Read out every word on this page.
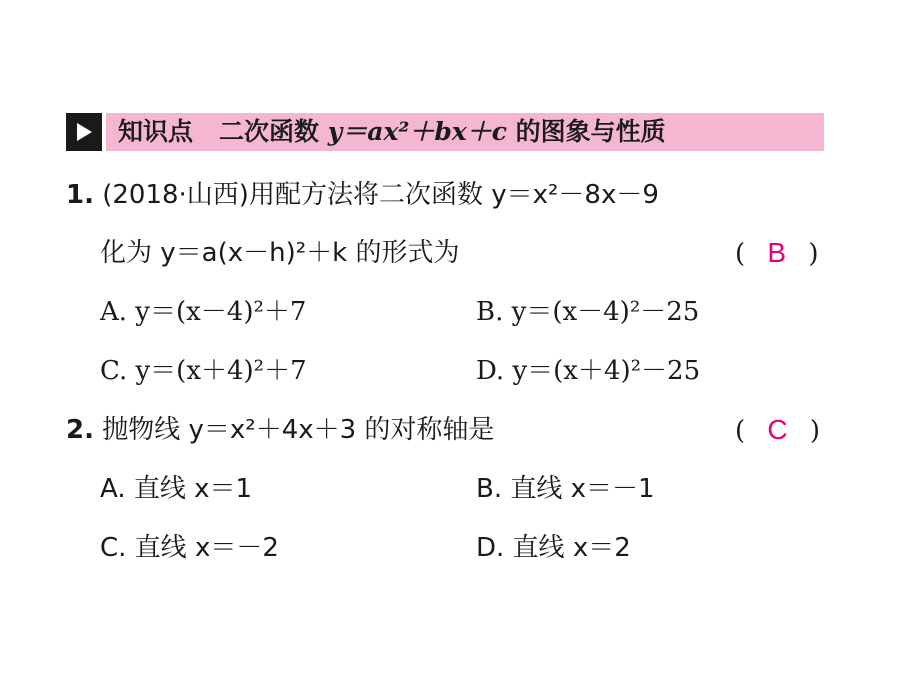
知识点 二次函数 y＝ax²＋bx＋c 的图象与性质
1. (2018·山西)用配方法将二次函数 y＝x²－8x－9
化为 y＝a(x－h)²＋k 的形式为	( B )
A. y＝(x－4)²＋7	B. y＝(x－4)²－25
C. y＝(x＋4)²＋7	D. y＝(x＋4)²－25
2. 抛物线 y＝x²＋4x＋3 的对称轴是	( C )
A. 直线 x＝1	B. 直线 x＝－1
C. 直线 x＝－2	D. 直线 x＝2
